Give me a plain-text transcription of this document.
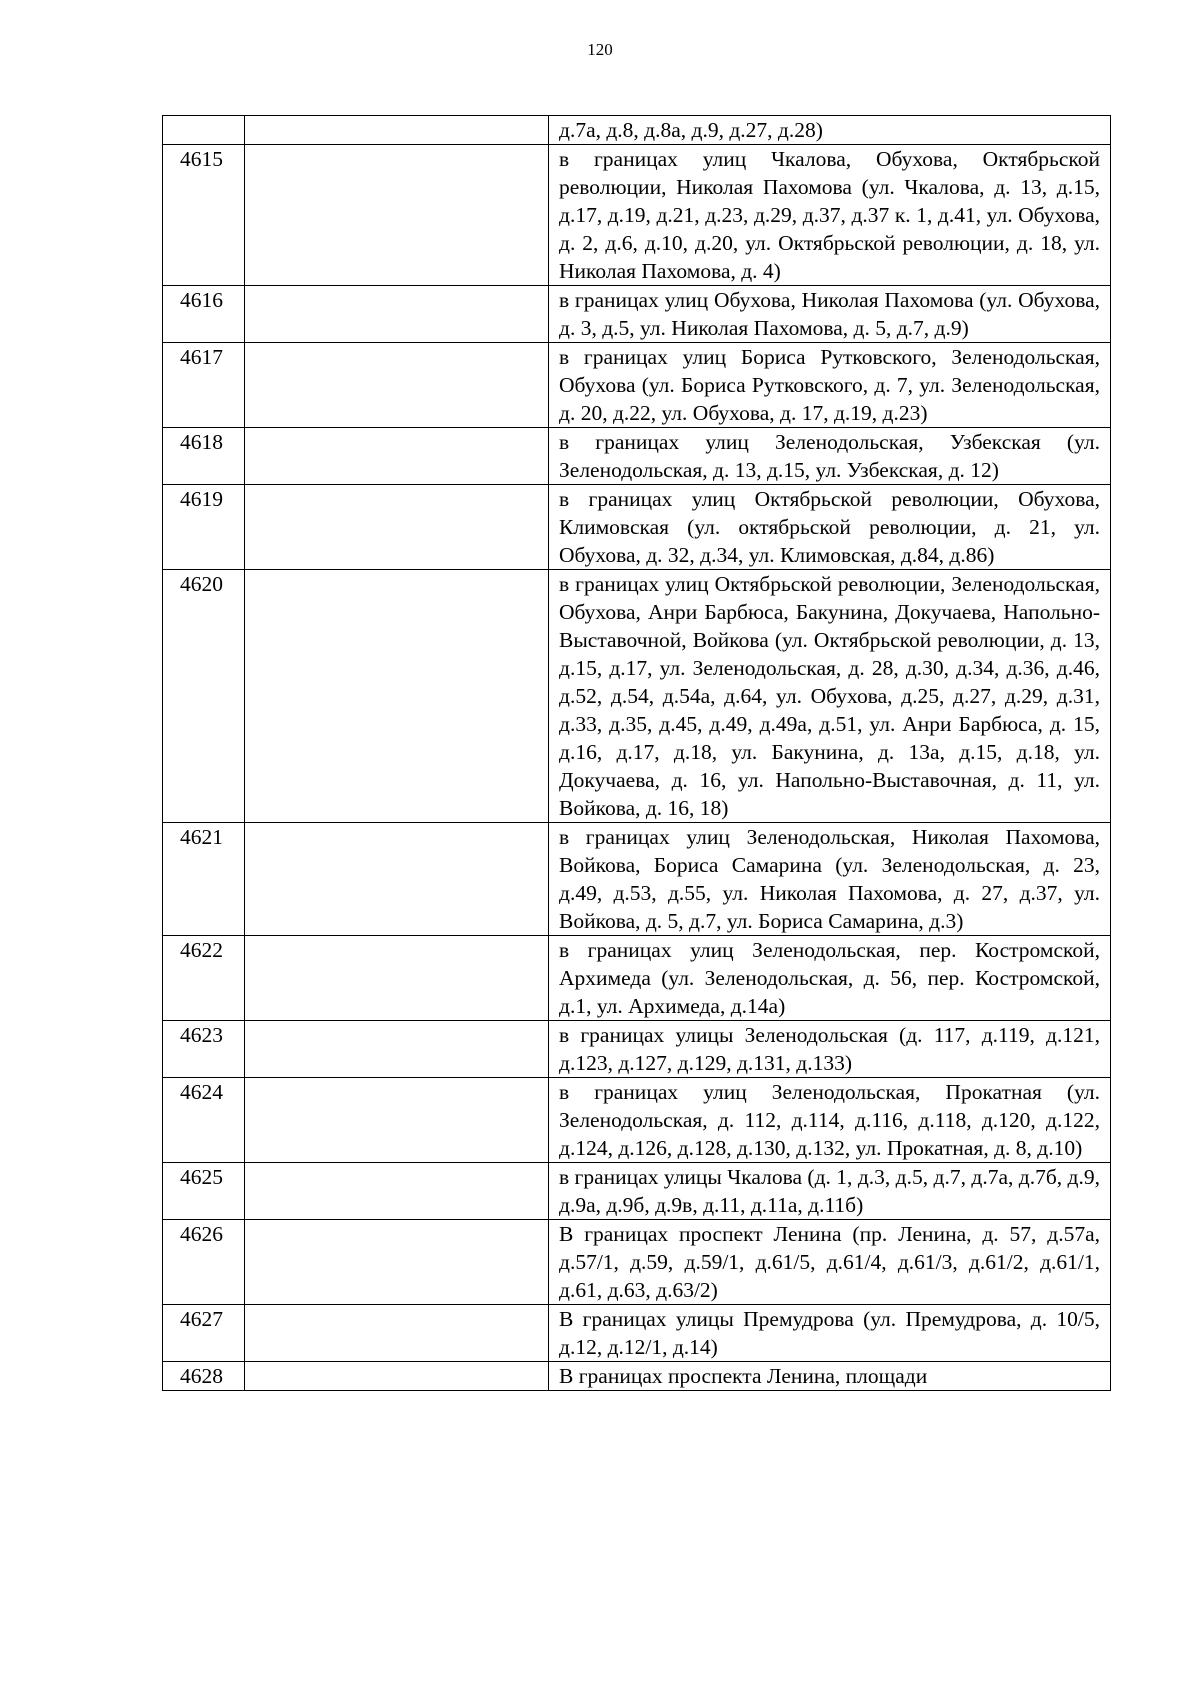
120

		д.7а, д.8, д.8а, д.9, д.27, д.28)

4615		в границах улиц Чкалова, Обухова, Октябрьской революции, Николая Пахомова (ул. Чкалова, д. 13, д.15, д.17, д.19, д.21, д.23, д.29, д.37, д.37 к. 1, д.41, ул. Обухова, д. 2, д.6, д.10, д.20, ул. Октябрьской революции, д. 18, ул. Николая Пахомова, д. 4)

4616		в границах улиц Обухова, Николая Пахомова (ул. Обухова, д. 3, д.5, ул. Николая Пахомова, д. 5, д.7, д.9)

4617		в границах улиц Бориса Рутковского, Зеленодольская, Обухова (ул. Бориса Рутковского, д. 7, ул. Зеленодольская, д. 20, д.22, ул. Обухова, д. 17, д.19, д.23)

4618		в границах улиц Зеленодольская, Узбекская (ул. Зеленодольская, д. 13, д.15, ул. Узбекская, д. 12)

4619		в границах улиц Октябрьской революции, Обухова, Климовская (ул. октябрьской революции, д. 21, ул. Обухова, д. 32, д.34, ул. Климовская, д.84, д.86)

4620		в границах улиц Октябрьской революции, Зеленодольская, Обухова, Анри Барбюса, Бакунина, Докучаева, Напольно-Выставочной, Войкова (ул. Октябрьской революции, д. 13, д.15, д.17, ул. Зеленодольская, д. 28, д.30, д.34, д.36, д.46, д.52, д.54, д.54а, д.64, ул. Обухова, д.25, д.27, д.29, д.31, д.33, д.35, д.45, д.49, д.49а, д.51, ул. Анри Барбюса, д. 15, д.16, д.17, д.18, ул. Бакунина, д. 13а, д.15, д.18, ул. Докучаева, д. 16, ул. Напольно-Выставочная, д. 11, ул. Войкова, д. 16, 18)

4621		в границах улиц Зеленодольская, Николая Пахомова, Войкова, Бориса Самарина (ул. Зеленодольская, д. 23, д.49, д.53, д.55, ул. Николая Пахомова, д. 27, д.37, ул. Войкова, д. 5, д.7, ул. Бориса Самарина, д.3)

4622		в границах улиц Зеленодольская, пер. Костромской, Архимеда (ул. Зеленодольская, д. 56, пер. Костромской, д.1, ул. Архимеда, д.14а)

4623		в границах улицы Зеленодольская (д. 117, д.119, д.121, д.123, д.127, д.129, д.131, д.133)

4624		в границах улиц Зеленодольская, Прокатная (ул. Зеленодольская, д. 112, д.114, д.116, д.118, д.120, д.122, д.124, д.126, д.128, д.130, д.132, ул. Прокатная, д. 8, д.10)

4625		в границах улицы Чкалова (д. 1, д.3, д.5, д.7, д.7а, д.7б, д.9, д.9а, д.9б, д.9в, д.11, д.11а, д.11б)

4626		В границах проспект Ленина (пр. Ленина, д. 57, д.57а, д.57/1, д.59, д.59/1, д.61/5, д.61/4, д.61/3, д.61/2, д.61/1, д.61, д.63, д.63/2)

4627		В границах улицы Премудрова (ул. Премудрова, д. 10/5, д.12, д.12/1, д.14)

4628		В границах проспекта Ленина, площади
